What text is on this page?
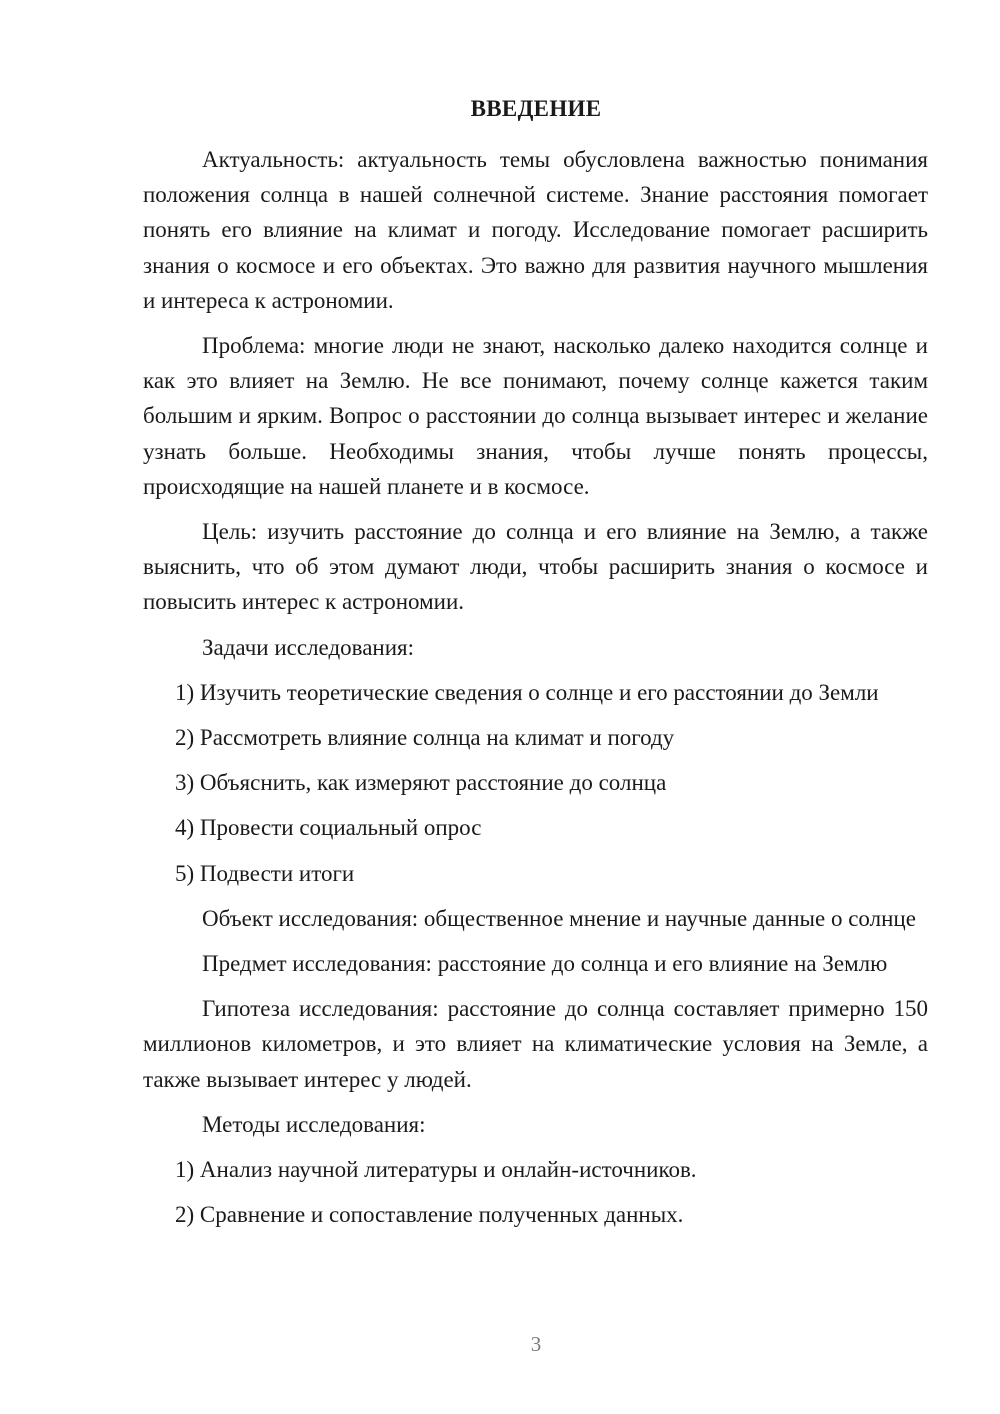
ВВЕДЕНИЕ

Актуальность: актуальность темы обусловлена важностью понимания положения солнца в нашей солнечной системе. Знание расстояния помогает понять его влияние на климат и погоду. Исследование помогает расширить знания о космосе и его объектах. Это важно для развития научного мышления и интереса к астрономии.

Проблема: многие люди не знают, насколько далеко находится солнце и как это влияет на Землю. Не все понимают, почему солнце кажется таким большим и ярким. Вопрос о расстоянии до солнца вызывает интерес и желание узнать больше. Необходимы знания, чтобы лучше понять процессы, происходящие на нашей планете и в космосе.

Цель: изучить расстояние до солнца и его влияние на Землю, а также выяснить, что об этом думают люди, чтобы расширить знания о космосе и повысить интерес к астрономии.

Задачи исследования:

1) Изучить теоретические сведения о солнце и его расстоянии до Земли

2) Рассмотреть влияние солнца на климат и погоду

3) Объяснить, как измеряют расстояние до солнца

4) Провести социальный опрос

5) Подвести итоги

Объект исследования: общественное мнение и научные данные о солнце

Предмет исследования: расстояние до солнца и его влияние на Землю

Гипотеза исследования: расстояние до солнца составляет примерно 150 миллионов километров, и это влияет на климатические условия на Земле, а также вызывает интерес у людей.

Методы исследования:

1) Анализ научной литературы и онлайн-источников.

2) Сравнение и сопоставление полученных данных.

3
